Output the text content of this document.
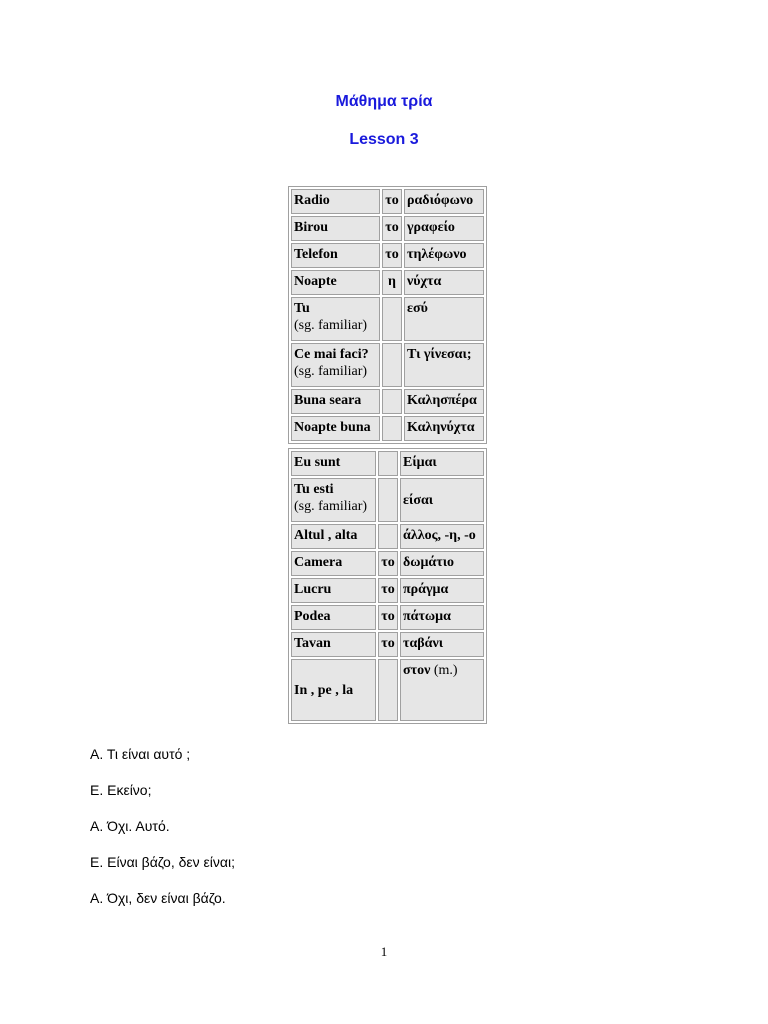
Μάθημα τρία
Lesson 3
Radio	το	ραδιόφωνο
Birou	το	γραφείο
Telefon	το	τηλέφωνο
Noapte	η	νύχτα
Tu
(sg. familiar)		εσύ
Ce mai faci?
(sg. familiar)		Τι γίνεσαι;
Buna seara		Καλησπέρα
Noapte buna		Καληνύχτα
Eu sunt		Είμαι
Tu esti
(sg. familiar)		είσαι
Altul , alta		άλλος, -η, -ο
Camera	το	δωμάτιο
Lucru	το	πράγμα
Podea	το	πάτωμα
Tavan	το	ταβάνι
In , pe , la		στον (m.)

Α. Τι είναι αυτό ;

Ε. Εκείνο;

Α. Όχι. Αυτό.

Ε. Είναι βάζο, δεν είναι;

Α. Όχι, δεν είναι βάζο.

1
